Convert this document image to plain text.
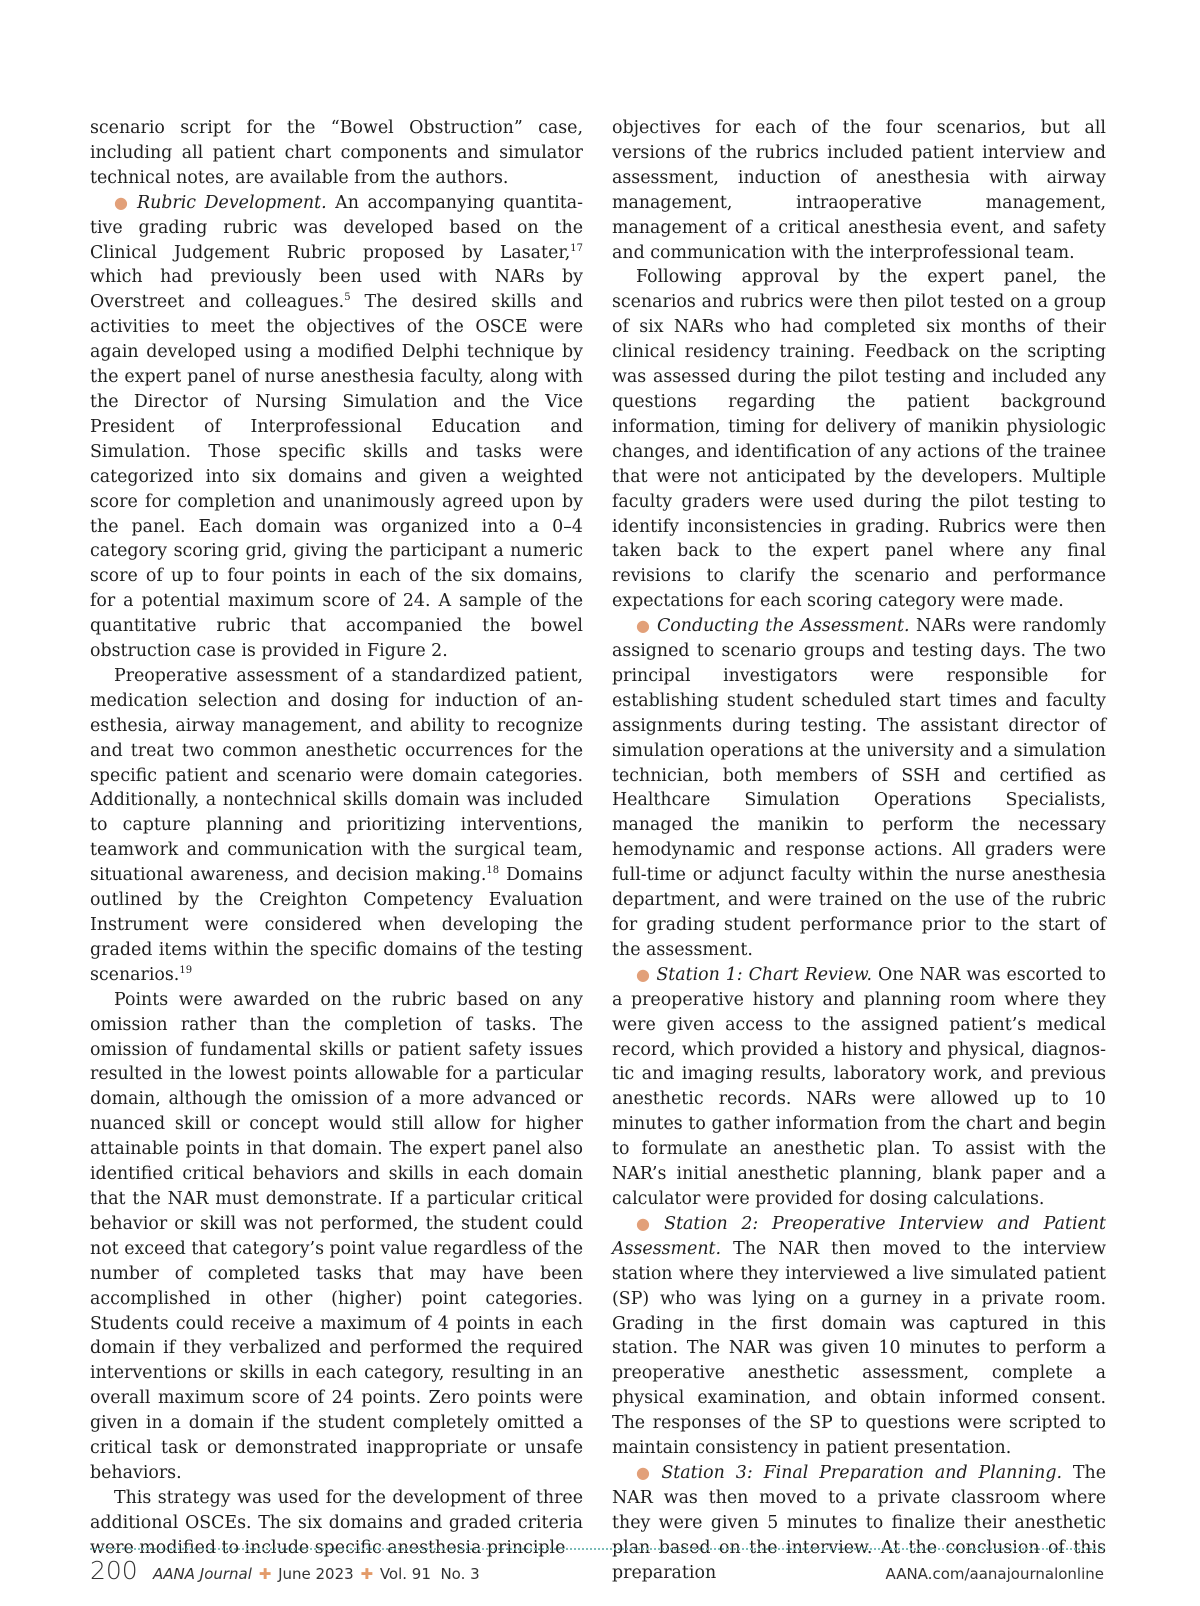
scenario script for the “Bowel Obstruction” case, including all patient chart components and simulator technical notes, are available from the authors.

● Rubric Development. An accompanying quantitative grading rubric was developed based on the Clinical Judgement Rubric proposed by Lasater,$^{17}$ which had previously been used with NARs by Overstreet and colleagues.$^5$ The desired skills and activities to meet the objectives of the OSCE were again developed using a modified Delphi technique by the expert panel of nurse anesthesia faculty, along with the Director of Nursing Simulation and the Vice President of Interprofessional Education and Simulation. Those specific skills and tasks were categorized into six domains and given a weighted score for completion and unanimously agreed upon by the panel. Each domain was organized into a 0–4 category scoring grid, giving the participant a numeric score of up to four points in each of the six domains, for a potential maximum score of 24. A sample of the quantitative rubric that accompanied the bowel obstruction case is provided in Figure 2.

Preoperative assessment of a standardized patient, medication selection and dosing for induction of anesthesia, airway management, and ability to recognize and treat two common anesthetic occurrences for the specific patient and scenario were domain categories. Additionally, a nontechnical skills domain was included to capture planning and prioritizing interventions, teamwork and communication with the surgical team, situational awareness, and decision making.$^{18}$ Domains outlined by the Creighton Competency Evaluation Instrument were considered when developing the graded items within the specific domains of the testing scenarios.$^{19}$

Points were awarded on the rubric based on any omission rather than the completion of tasks. The omission of fundamental skills or patient safety issues resulted in the lowest points allowable for a particular domain, although the omission of a more advanced or nuanced skill or concept would still allow for higher attainable points in that domain. The expert panel also identified critical behaviors and skills in each domain that the NAR must demonstrate. If a particular critical behavior or skill was not performed, the student could not exceed that category’s point value regardless of the number of completed tasks that may have been accomplished in other (higher) point categories. Students could receive a maximum of 4 points in each domain if they verbalized and performed the required interventions or skills in each category, resulting in an overall maximum score of 24 points. Zero points were given in a domain if the student completely omitted a critical task or demonstrated inappropriate or unsafe behaviors.

This strategy was used for the development of three additional OSCEs. The six domains and graded criteria were modified to include specific anesthesia principle

objectives for each of the four scenarios, but all versions of the rubrics included patient interview and assessment, induction of anesthesia with airway management, intraoperative management, management of a critical anesthesia event, and safety and communication with the interprofessional team.

Following approval by the expert panel, the scenarios and rubrics were then pilot tested on a group of six NARs who had completed six months of their clinical residency training. Feedback on the scripting was assessed during the pilot testing and included any questions regarding the patient background information, timing for delivery of manikin physiologic changes, and identification of any actions of the trainee that were not anticipated by the developers. Multiple faculty graders were used during the pilot testing to identify inconsistencies in grading. Rubrics were then taken back to the expert panel where any final revisions to clarify the scenario and performance expectations for each scoring category were made.

● Conducting the Assessment. NARs were randomly assigned to scenario groups and testing days. The two principal investigators were responsible for establishing student scheduled start times and faculty assignments during testing. The assistant director of simulation operations at the university and a simulation technician, both members of SSH and certified as Healthcare Simulation Operations Specialists, managed the manikin to perform the necessary hemodynamic and response actions. All graders were full-time or adjunct faculty within the nurse anesthesia department, and were trained on the use of the rubric for grading student performance prior to the start of the assessment.

● Station 1: Chart Review. One NAR was escorted to a preoperative history and planning room where they were given access to the assigned patient’s medical record, which provided a history and physical, diagnostic and imaging results, laboratory work, and previous anesthetic records. NARs were allowed up to 10 minutes to gather information from the chart and begin to formulate an anesthetic plan. To assist with the NAR’s initial anesthetic planning, blank paper and a calculator were provided for dosing calculations.

● Station 2: Preoperative Interview and Patient Assessment. The NAR then moved to the interview station where they interviewed a live simulated patient (SP) who was lying on a gurney in a private room. Grading in the first domain was captured in this station. The NAR was given 10 minutes to perform a preoperative anesthetic assessment, complete a physical examination, and obtain informed consent. The responses of the SP to questions were scripted to maintain consistency in patient presentation.

● Station 3: Final Preparation and Planning. The NAR was then moved to a private classroom where they were given 5 minutes to finalize their anesthetic plan based on the interview. At the conclusion of this preparation

200 AANA Journal ✚ June 2023 ✚ Vol. 91 No. 3	AANA.com/aanajournalonline
